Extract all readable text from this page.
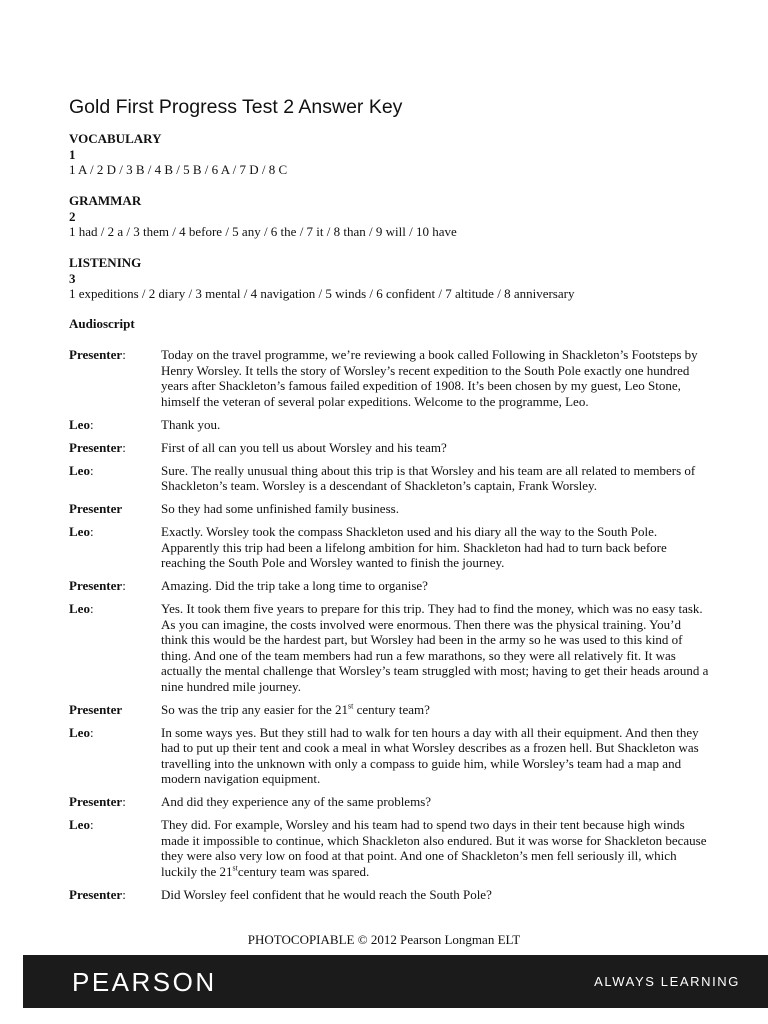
Gold First Progress Test 2 Answer Key
VOCABULARY
1
1 A / 2 D / 3 B / 4 B / 5 B / 6 A / 7 D / 8 C
GRAMMAR
2
1 had / 2 a / 3 them / 4 before / 5 any / 6 the / 7 it / 8 than / 9 will / 10 have
LISTENING
3
1 expeditions / 2 diary / 3 mental / 4 navigation / 5 winds / 6 confident / 7 altitude / 8 anniversary
Audioscript
Presenter:	Today on the travel programme, we’re reviewing a book called Following in Shackleton’s Footsteps by Henry Worsley. It tells the story of Worsley’s recent expedition to the South Pole exactly one hundred years after Shackleton’s famous failed expedition of 1908. It’s been chosen by my guest, Leo Stone, himself the veteran of several polar expeditions. Welcome to the programme, Leo.
Leo:	Thank you.
Presenter:	First of all can you tell us about Worsley and his team?
Leo:	Sure. The really unusual thing about this trip is that Worsley and his team are all related to members of Shackleton’s team. Worsley is a descendant of Shackleton’s captain, Frank Worsley.
Presenter	So they had some unfinished family business.
Leo:	Exactly. Worsley took the compass Shackleton used and his diary all the way to the South Pole. Apparently this trip had been a lifelong ambition for him. Shackleton had had to turn back before reaching the South Pole and Worsley wanted to finish the journey.
Presenter:	Amazing. Did the trip take a long time to organise?
Leo:	Yes. It took them five years to prepare for this trip. They had to find the money, which was no easy task. As you can imagine, the costs involved were enormous. Then there was the physical training. You’d think this would be the hardest part, but Worsley had been in the army so he was used to this kind of thing. And one of the team members had run a few marathons, so they were all relatively fit. It was actually the mental challenge that Worsley’s team struggled with most; having to get their heads around a nine hundred mile journey.
Presenter	So was the trip any easier for the 21st century team?
Leo:	In some ways yes. But they still had to walk for ten hours a day with all their equipment. And then they had to put up their tent and cook a meal in what Worsley describes as a frozen hell. But Shackleton was travelling into the unknown with only a compass to guide him, while Worsley’s team had a map and modern navigation equipment.
Presenter:	And did they experience any of the same problems?
Leo:	They did. For example, Worsley and his team had to spend two days in their tent because high winds made it impossible to continue, which Shackleton also endured. But it was worse for Shackleton because they were also very low on food at that point. And one of Shackleton’s men fell seriously ill, which luckily the 21stcentury team was spared.
Presenter:	Did Worsley feel confident that he would reach the South Pole?
PHOTOCOPIABLE © 2012 Pearson Longman ELT
PEARSON	ALWAYS LEARNING
